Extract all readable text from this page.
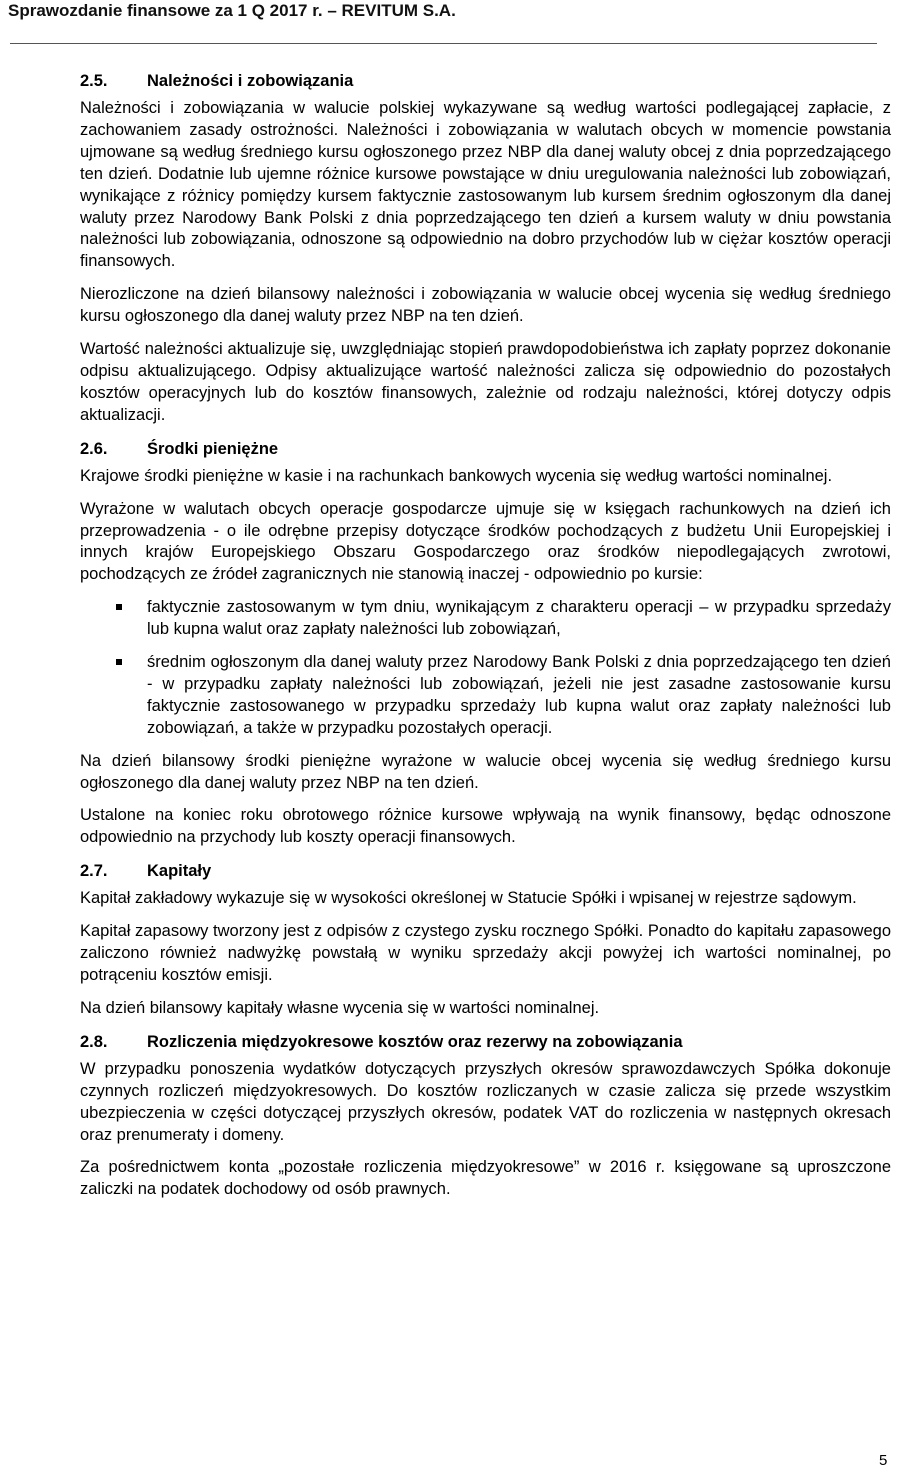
Sprawozdanie finansowe za 1 Q 2017 r. – REVITUM S.A.
2.5.	Należności i zobowiązania

Należności i zobowiązania w walucie polskiej wykazywane są według wartości podlegającej zapłacie, z zachowaniem zasady ostrożności. Należności i zobowiązania w walutach obcych w momencie powstania ujmowane są według średniego kursu ogłoszonego przez NBP dla danej waluty obcej z dnia poprzedzającego ten dzień. Dodatnie lub ujemne różnice kursowe powstające w dniu uregulowania należności lub zobowiązań, wynikające z różnicy pomiędzy kursem faktycznie zastosowanym lub kursem średnim ogłoszonym dla danej waluty przez Narodowy Bank Polski z dnia poprzedzającego ten dzień a kursem waluty w dniu powstania należności lub zobowiązania, odnoszone są odpowiednio na dobro przychodów lub w ciężar kosztów operacji finansowych.

Nierozliczone na dzień bilansowy należności i zobowiązania w walucie obcej wycenia się według średniego kursu ogłoszonego dla danej waluty przez NBP na ten dzień.

Wartość należności aktualizuje się, uwzględniając stopień prawdopodobieństwa ich zapłaty poprzez dokonanie odpisu aktualizującego. Odpisy aktualizujące wartość należności zalicza się odpowiednio do pozostałych kosztów operacyjnych lub do kosztów finansowych, zależnie od rodzaju należności, której dotyczy odpis aktualizacji.

2.6.	Środki pieniężne

Krajowe środki pieniężne w kasie i na rachunkach bankowych wycenia się według wartości nominalnej.

Wyrażone w walutach obcych operacje gospodarcze ujmuje się w księgach rachunkowych na dzień ich przeprowadzenia - o ile odrębne przepisy dotyczące środków pochodzących z budżetu Unii Europejskiej i innych krajów Europejskiego Obszaru Gospodarczego oraz środków niepodlegających zwrotowi, pochodzących ze źródeł zagranicznych nie stanowią inaczej - odpowiednio po kursie:

faktycznie zastosowanym w tym dniu, wynikającym z charakteru operacji – w przypadku sprzedaży lub kupna walut oraz zapłaty należności lub zobowiązań,
średnim ogłoszonym dla danej waluty przez Narodowy Bank Polski z dnia poprzedzającego ten dzień - w przypadku zapłaty należności lub zobowiązań, jeżeli nie jest zasadne zastosowanie kursu faktycznie zastosowanego w przypadku sprzedaży lub kupna walut oraz zapłaty należności lub zobowiązań, a także w przypadku pozostałych operacji.

Na dzień bilansowy środki pieniężne wyrażone w walucie obcej wycenia się według średniego kursu ogłoszonego dla danej waluty przez NBP na ten dzień.

Ustalone na koniec roku obrotowego różnice kursowe wpływają na wynik finansowy, będąc odnoszone odpowiednio na przychody lub koszty operacji finansowych.

2.7.	Kapitały

Kapitał zakładowy wykazuje się w wysokości określonej w Statucie Spółki i wpisanej w rejestrze sądowym.

Kapitał zapasowy tworzony jest z odpisów z czystego zysku rocznego Spółki. Ponadto do kapitału zapasowego zaliczono również nadwyżkę powstałą w wyniku sprzedaży akcji powyżej ich wartości nominalnej, po potrąceniu kosztów emisji.

Na dzień bilansowy kapitały własne wycenia się w wartości nominalnej.

2.8.	Rozliczenia międzyokresowe kosztów oraz rezerwy na zobowiązania

W przypadku ponoszenia wydatków dotyczących przyszłych okresów sprawozdawczych Spółka dokonuje czynnych rozliczeń międzyokresowych. Do kosztów rozliczanych w czasie zalicza się przede wszystkim ubezpieczenia w części dotyczącej przyszłych okresów, podatek VAT do rozliczenia w następnych okresach oraz prenumeraty i domeny.

Za pośrednictwem konta „pozostałe rozliczenia międzyokresowe” w 2016 r. księgowane są uproszczone zaliczki na podatek dochodowy od osób prawnych.

5
